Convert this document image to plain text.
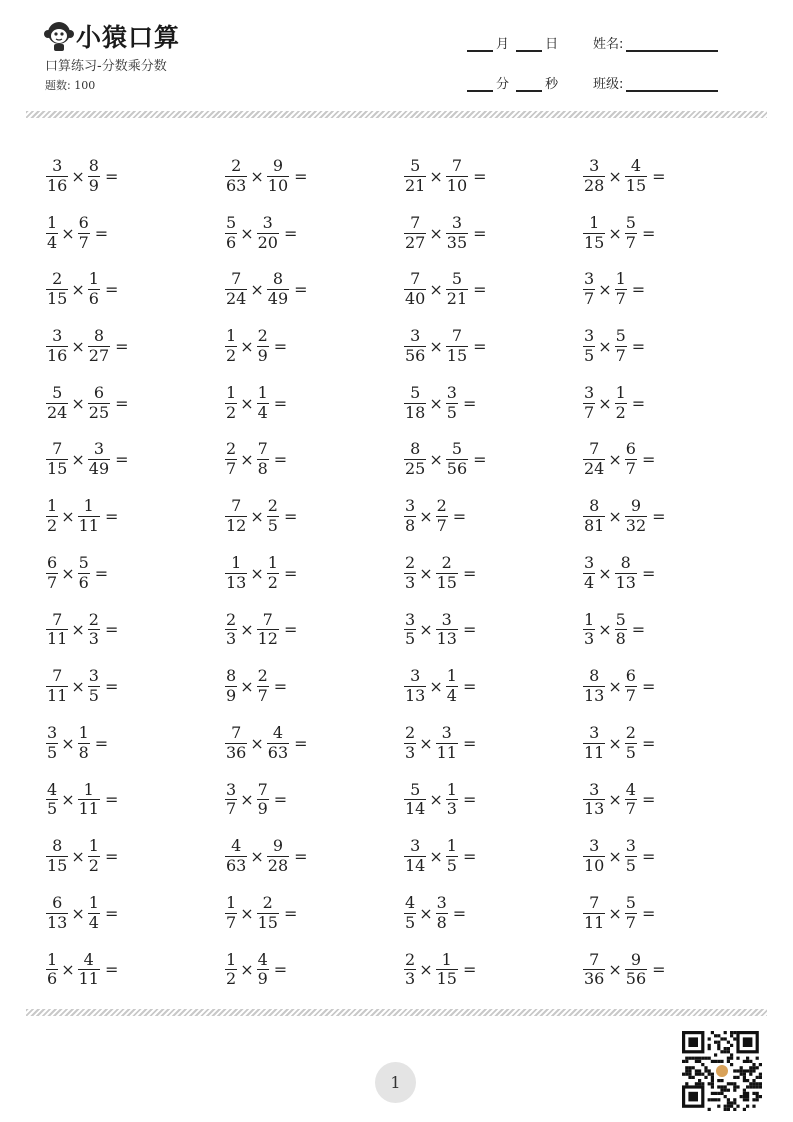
小猿口算
口算练习-分数乘分数
题数: 100
月	日	姓名:
分	秒	班级:
$\frac{3}{16} \times \frac{8}{9}$ =	$\frac{2}{63} \times \frac{9}{10}$ =	$\frac{5}{21} \times \frac{7}{10}$ =	$\frac{3}{28} \times \frac{4}{15}$ =
$\frac{1}{4} \times \frac{6}{7}$ =	$\frac{5}{6} \times \frac{3}{20}$ =	$\frac{7}{27} \times \frac{3}{35}$ =	$\frac{1}{15} \times \frac{5}{7}$ =
$\frac{2}{15} \times \frac{1}{6}$ =	$\frac{7}{24} \times \frac{8}{49}$ =	$\frac{7}{40} \times \frac{5}{21}$ =	$\frac{3}{7} \times \frac{1}{7}$ =
$\frac{3}{16} \times \frac{8}{27}$ =	$\frac{1}{2} \times \frac{2}{9}$ =	$\frac{3}{56} \times \frac{7}{15}$ =	$\frac{3}{5} \times \frac{5}{7}$ =
$\frac{5}{24} \times \frac{6}{25}$ =	$\frac{1}{2} \times \frac{1}{4}$ =	$\frac{5}{18} \times \frac{3}{5}$ =	$\frac{3}{7} \times \frac{1}{2}$ =
$\frac{7}{15} \times \frac{3}{49}$ =	$\frac{2}{7} \times \frac{7}{8}$ =	$\frac{8}{25} \times \frac{5}{56}$ =	$\frac{7}{24} \times \frac{6}{7}$ =
$\frac{1}{2} \times \frac{1}{11}$ =	$\frac{7}{12} \times \frac{2}{5}$ =	$\frac{3}{8} \times \frac{2}{7}$ =	$\frac{8}{81} \times \frac{9}{32}$ =
$\frac{6}{7} \times \frac{5}{6}$ =	$\frac{1}{13} \times \frac{1}{2}$ =	$\frac{2}{3} \times \frac{2}{15}$ =	$\frac{3}{4} \times \frac{8}{13}$ =
$\frac{7}{11} \times \frac{2}{3}$ =	$\frac{2}{3} \times \frac{7}{12}$ =	$\frac{3}{5} \times \frac{3}{13}$ =	$\frac{1}{3} \times \frac{5}{8}$ =
$\frac{7}{11} \times \frac{3}{5}$ =	$\frac{8}{9} \times \frac{2}{7}$ =	$\frac{3}{13} \times \frac{1}{4}$ =	$\frac{8}{13} \times \frac{6}{7}$ =
$\frac{3}{5} \times \frac{1}{8}$ =	$\frac{7}{36} \times \frac{4}{63}$ =	$\frac{2}{3} \times \frac{3}{11}$ =	$\frac{3}{11} \times \frac{2}{5}$ =
$\frac{4}{5} \times \frac{1}{11}$ =	$\frac{3}{7} \times \frac{7}{9}$ =	$\frac{5}{14} \times \frac{1}{3}$ =	$\frac{3}{13} \times \frac{4}{7}$ =
$\frac{8}{15} \times \frac{1}{2}$ =	$\frac{4}{63} \times \frac{9}{28}$ =	$\frac{3}{14} \times \frac{1}{5}$ =	$\frac{3}{10} \times \frac{3}{5}$ =
$\frac{6}{13} \times \frac{1}{4}$ =	$\frac{1}{7} \times \frac{2}{15}$ =	$\frac{4}{5} \times \frac{3}{8}$ =	$\frac{7}{11} \times \frac{5}{7}$ =
$\frac{1}{6} \times \frac{4}{11}$ =	$\frac{1}{2} \times \frac{4}{9}$ =	$\frac{2}{3} \times \frac{1}{15}$ =	$\frac{7}{36} \times \frac{9}{56}$ =
1
